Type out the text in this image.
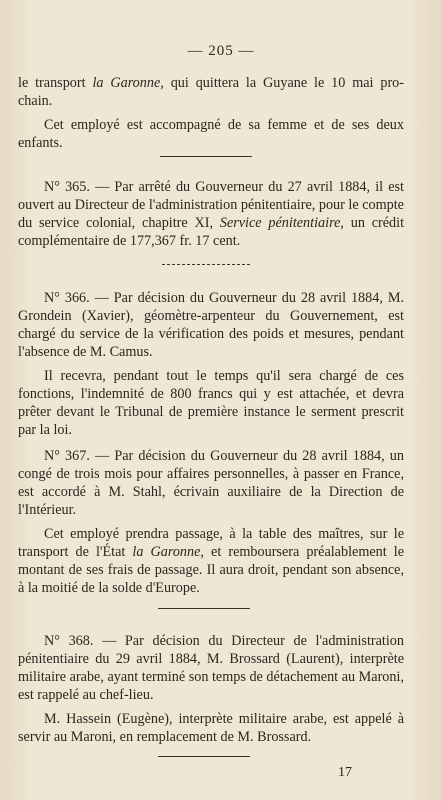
— 205 —

le transport la Garonne, qui quittera la Guyane le 10 mai pro- chain.

Cet employé est accompagné de sa femme et de ses deux enfants.

N° 365. — Par arrêté du Gouverneur du 27 avril 1884, il est ouvert au Directeur de l'administration pénitentiaire, pour le compte du service colonial, chapitre XI, Service pénitentiaire, un crédit complémentaire de 177,367 fr. 17 cent.

N° 366. — Par décision du Gouverneur du 28 avril 1884, M. Grondein (Xavier), géomètre-arpenteur du Gouvernement, est chargé du service de la vérification des poids et mesures, pendant l'absence de M. Camus.

Il recevra, pendant tout le temps qu'il sera chargé de ces fonctions, l'indemnité de 800 francs qui y est attachée, et devra prêter devant le Tribunal de première instance le serment prescrit par la loi.

N° 367. — Par décision du Gouverneur du 28 avril 1884, un congé de trois mois pour affaires personnelles, à passer en France, est accordé à M. Stahl, écrivain auxiliaire de la Direction de l'Intérieur.

Cet employé prendra passage, à la table des maîtres, sur le transport de l'État la Garonne, et remboursera préalablement le montant de ses frais de passage. Il aura droit, pendant son absence, à la moitié de la solde d'Europe.

N° 368. — Par décision du Directeur de l'administration pénitentiaire du 29 avril 1884, M. Brossard (Laurent), interprète militaire arabe, ayant terminé son temps de détachement au Maroni, est rappelé au chef-lieu.

M. Hassein (Eugène), interprète militaire arabe, est appelé à servir au Maroni, en remplacement de M. Brossard.

17
